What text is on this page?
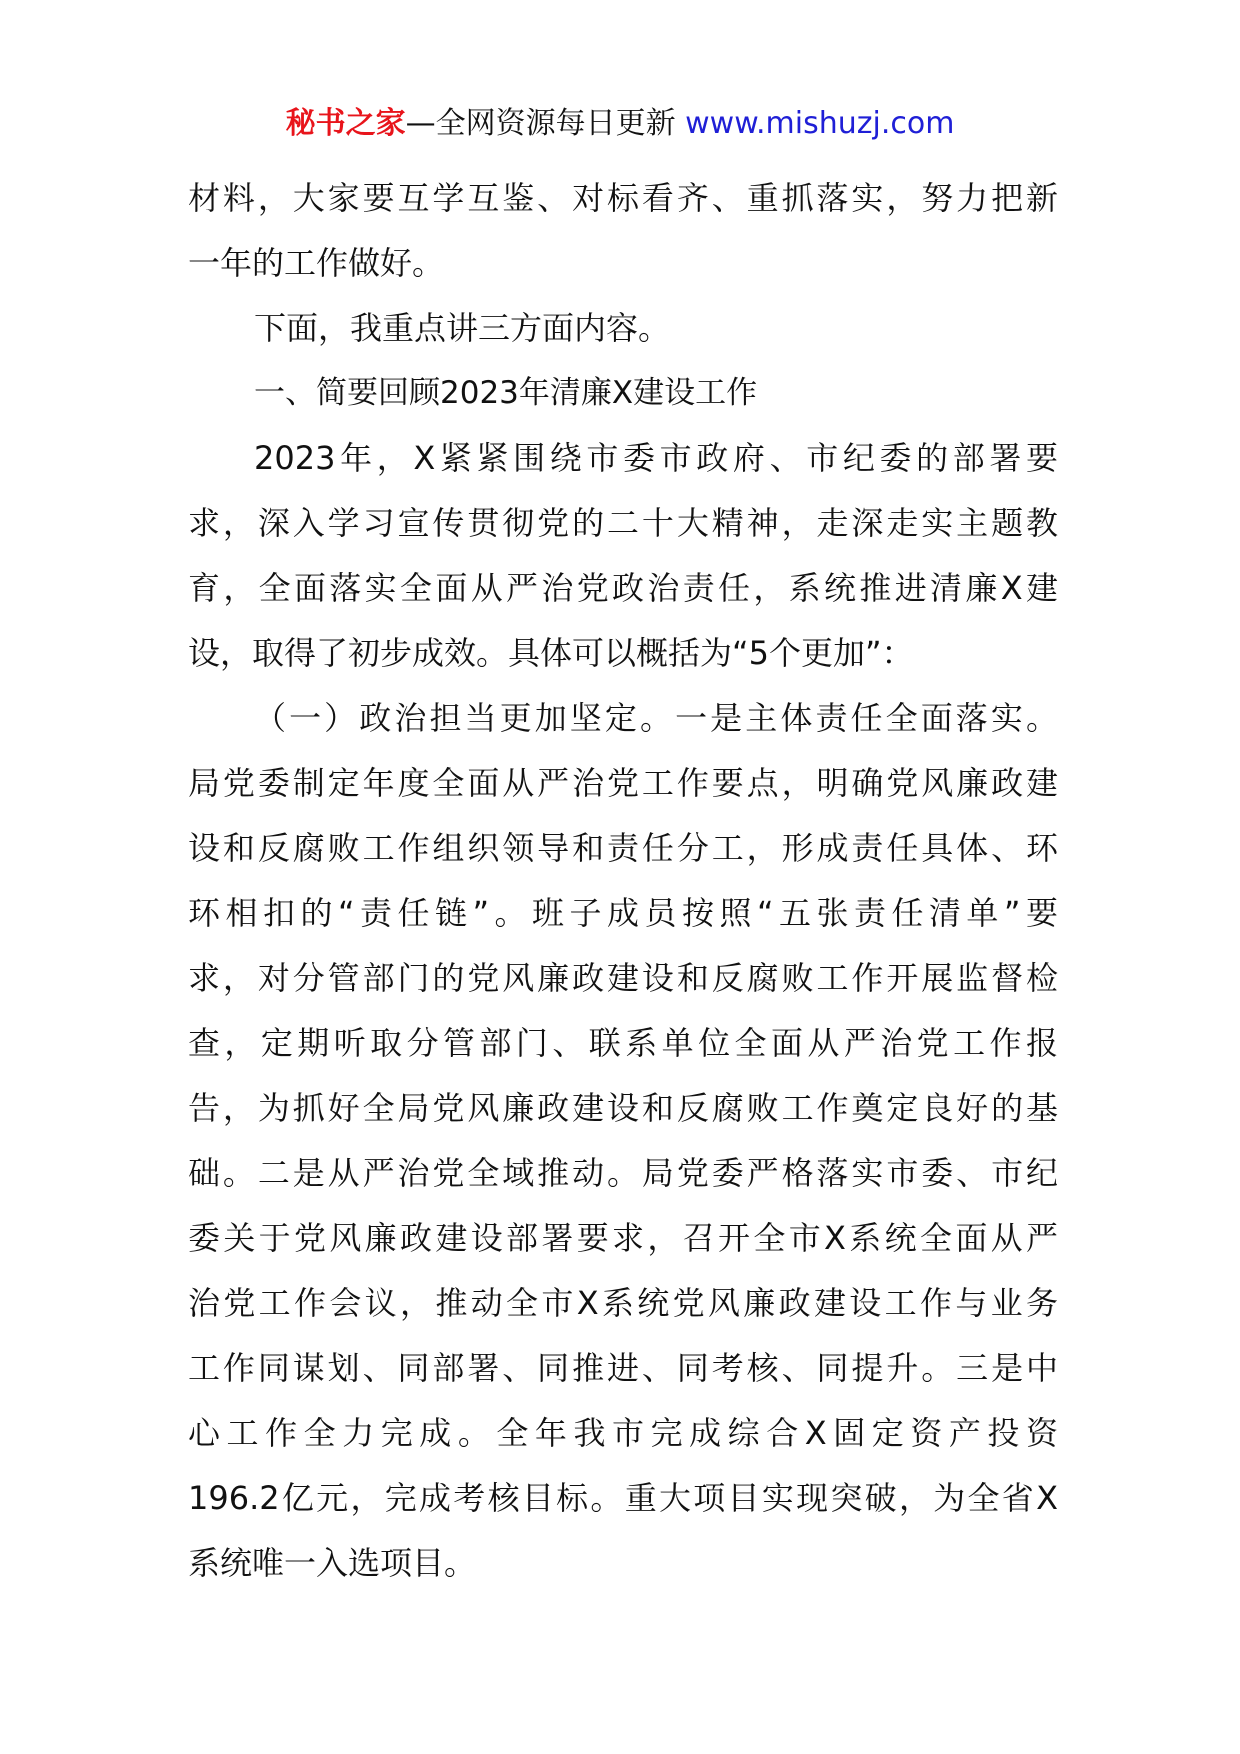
秘书之家—全网资源每日更新 www.mishuzj.com
材料，大家要互学互鉴、对标看齐、重抓落实，努力把新
一年的工作做好。
下面，我重点讲三方面内容。
一、简要回顾2023年清廉X建设工作
2023年，X紧紧围绕市委市政府、市纪委的部署要
求，深入学习宣传贯彻党的二十大精神，走深走实主题教
育，全面落实全面从严治党政治责任，系统推进清廉X建
设，取得了初步成效。具体可以概括为“5个更加”：
（一）政治担当更加坚定。一是主体责任全面落实。
局党委制定年度全面从严治党工作要点，明确党风廉政建
设和反腐败工作组织领导和责任分工，形成责任具体、环
环相扣的“责任链”。班子成员按照“五张责任清单”要
求，对分管部门的党风廉政建设和反腐败工作开展监督检
查，定期听取分管部门、联系单位全面从严治党工作报
告，为抓好全局党风廉政建设和反腐败工作奠定良好的基
础。二是从严治党全域推动。局党委严格落实市委、市纪
委关于党风廉政建设部署要求，召开全市X系统全面从严
治党工作会议，推动全市X系统党风廉政建设工作与业务
工作同谋划、同部署、同推进、同考核、同提升。三是中
心工作全力完成。全年我市完成综合X固定资产投资
196.2亿元，完成考核目标。重大项目实现突破，为全省X
系统唯一入选项目。
